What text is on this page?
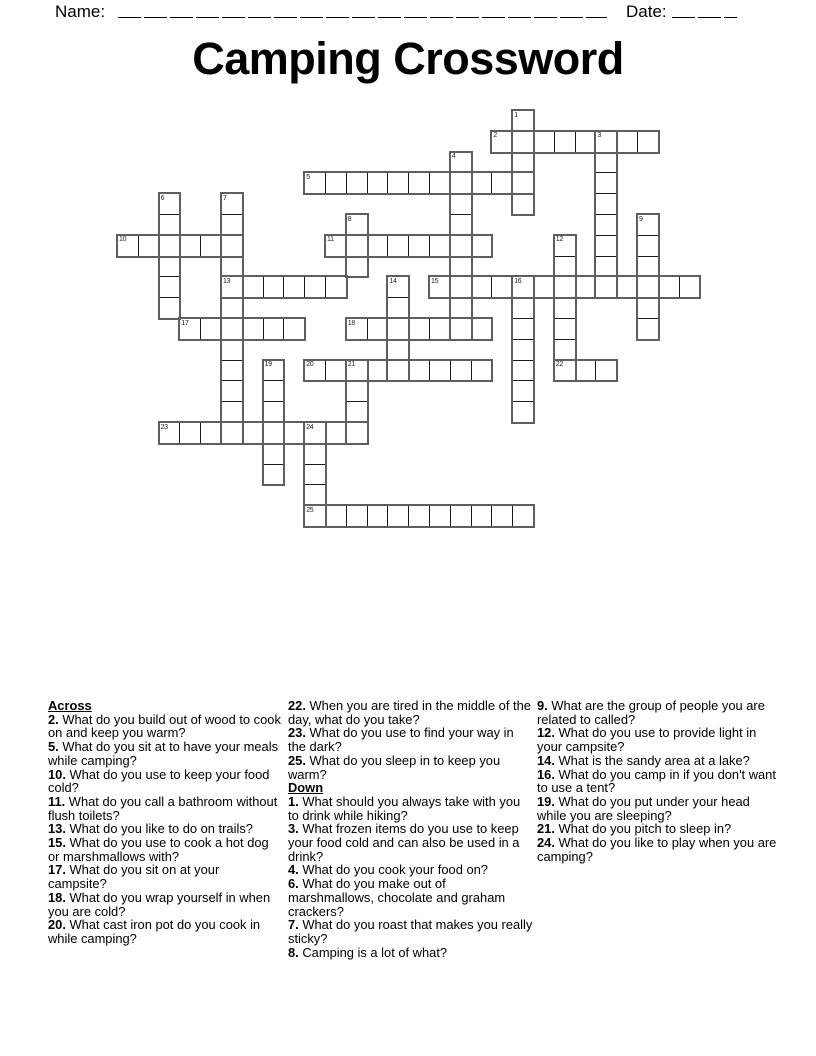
Name:	Date:
Camping Crossword
2	3
5
10	11
13	15	16
17	18
20	21	22
23	24
25
1
4
6	7
8	9
12
14
19
Across

2. What do you build out of wood to cook on and keep you warm?

5. What do you sit at to have your meals while camping?

10. What do you use to keep your food cold?

11. What do you call a bathroom without flush toilets?

13. What do you like to do on trails?

15. What do you use to cook a hot dog or marshmallows with?

17. What do you sit on at your campsite?

18. What do you wrap yourself in when you are cold?

20. What cast iron pot do you cook in while camping?

22. When you are tired in the middle of the day, what do you take?

23. What do you use to find your way in the dark?

25. What do you sleep in to keep you warm?

Down

1. What should you always take with you to drink while hiking?

3. What frozen items do you use to keep your food cold and can also be used in a drink?

4. What do you cook your food on?

6. What do you make out of marshmallows, chocolate and graham crackers?

7. What do you roast that makes you really sticky?

8. Camping is a lot of what?

9. What are the group of people you are related to called?

12. What do you use to provide light in your campsite?

14. What is the sandy area at a lake?

16. What do you camp in if you don't want to use a tent?

19. What do you put under your head while you are sleeping?

21. What do you pitch to sleep in?

24. What do you like to play when you are camping?
